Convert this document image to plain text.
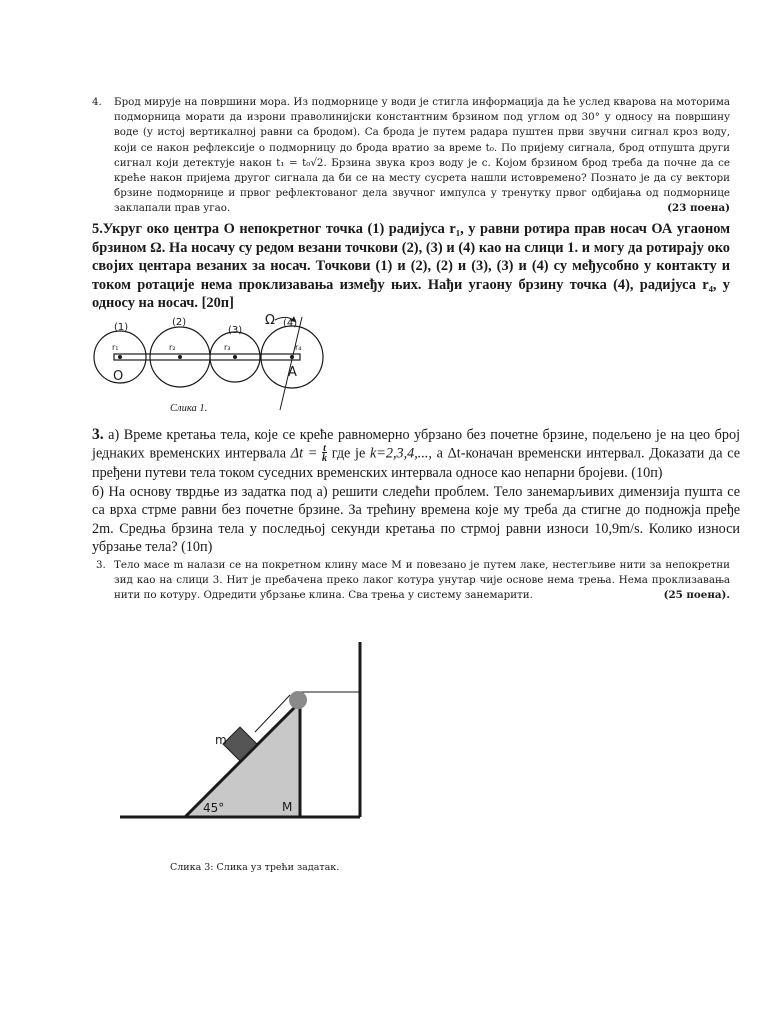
4. Брод мирује на површини мора. Из подморнице у води је стигла информација да ће услед кварова на моторима подморница морати да изрони праволинијски константним брзином под углом од 30° у односу на површину воде (у истој вертикалној равни са бродом). Са брода је путем радара пуштен први звучни сигнал кроз воду, који се након рефлексије о подморницу до брода вратио за време t₀. По пријему сигнала, брод отпушта други сигнал који детектује након t₁ = t₀√2. Брзина звука кроз воду је c. Којом брзином брод треба да почне да се креће након пријема другог сигнала да би се на месту сусрета нашли истовремено? Познато је да су вектори брзине подморнице и првог рефлектованог дела звучног импулса у тренутку првог одбијања од подморнице заклапали прав угао.	(23 поена)
5.Укруг око центра О непокретног точка (1) радијуса r₁, у равни ротира прав носач ОА угаоном брзином Ω. На носачу су редом везани точкови (2), (3) и (4) као на слици 1. и могу да ротирају око својих центара везаних за носач. Точкови (1) и (2), (2) и (3), (3) и (4) су међусобно у контакту и током ротације нема проклизавања између њих. Нађи угаону брзину точка (4), радијуса r₄, у односу на носач. [20п]
(1)	(2)
(3)
(4)
r₁	r₂	r₃	r₄
O	A
Ω
Слика 1.
3. а) Време кретања тела, које се креће равномерно убрзано без почетне брзине, подељено је на цео број једнаких временских интервала $\Delta t = \frac{t}{k}$ где је k=2,3,4,..., а Δt-коначан временски интервал. Доказати да се пређени путеви тела током суседних временских интервала односе као непарни бројеви. (10п)
б) На основу тврдње из задатка под а) решити следећи проблем. Тело занемарљивих димензија пушта се са врха стрме равни без почетне брзине. За трећину времена које му треба да стигне до подножја пређе 2m. Средња брзина тела у последњој секунди кретања по стрмој равни износи 10,9m/s. Колико износи убрзање тела? (10п)
3. Тело масе m налази се на покретном клину масе M и повезано је путем лаке, нестегљиве нити за непокретни зид као на слици 3. Нит је пребачена преко лаког котура унутар чије основе нема трења. Нема проклизавања нити по котуру. Одредити убрзање клина. Сва трења у систему занемарити.	(25 поена).
m
M
45°
Слика 3: Слика уз трећи задатак.
